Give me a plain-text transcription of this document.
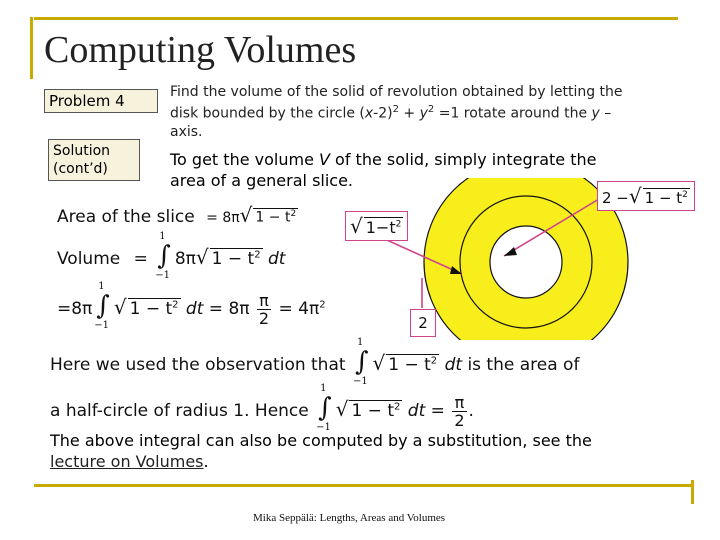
Computing Volumes
Problem 4
Solution
(cont’d)
Find the volume of the solid of revolution obtained by letting the
disk bounded by the circle $(x-2)^2 + y^2 =1$ rotate around the y –
axis.
To get the volume V of the solid, simply integrate the
area of a general slice.
Area of the slice = 8π√ $1 - t^2$
Volume = ∫
1
−1
8π√ $1 - t^2$ dt
=8π ∫
1
−1
√ $1 - t^2$ dt = $8\pi \frac{\pi}{2} = 4\pi^2$
√ $1-t^2$
2 −√ $1 - t^2$
2
Here we used the observation that ∫
1
−1
√ $1 - t^2$ dt is the area of
a half-circle of radius 1. Hence ∫
1
−1
√ $1 - t^2$ dt = $\frac{\pi}{2}$ .
The above integral can also be computed by a substitution, see the
lecture on Volumes.
Mika Seppälä: Lengths, Areas and Volumes
